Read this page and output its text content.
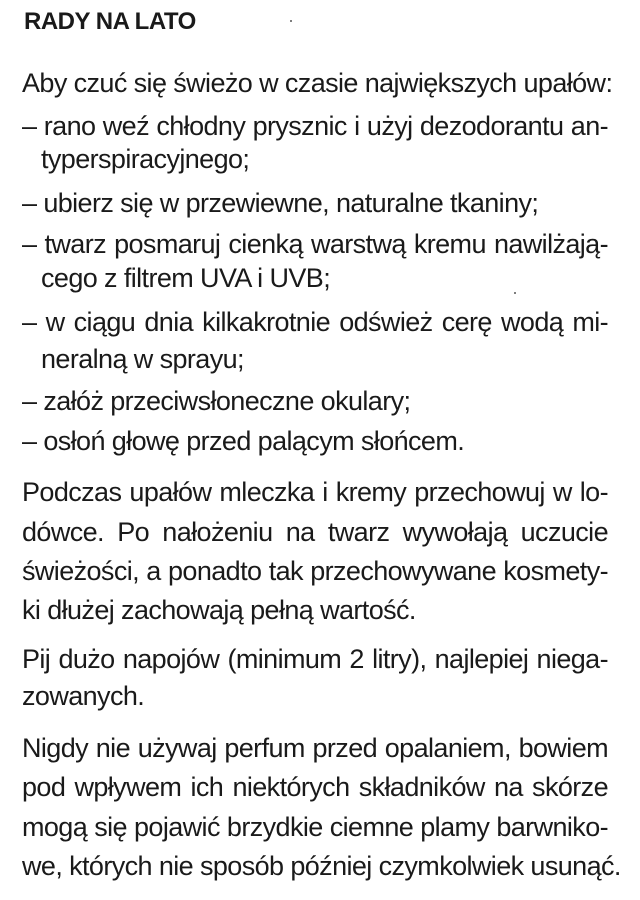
RADY NA LATO
Aby czuć się świeżo w czasie największych upałów:
– rano weź chłodny prysznic i użyj dezodorantu an-
typerspiracyjnego;
– ubierz się w przewiewne, naturalne tkaniny;
– twarz posmaruj cienką warstwą kremu nawilżają-
cego z filtrem UVA i UVB;
– w ciągu dnia kilkakrotnie odśwież cerę wodą mi-
neralną w sprayu;
– załóż przeciwsłoneczne okulary;
– osłoń głowę przed palącym słońcem.
Podczas upałów mleczka i kremy przechowuj w lo-
dówce. Po nałożeniu na twarz wywołają uczucie
świeżości, a ponadto tak przechowywane kosmety-
ki dłużej zachowają pełną wartość.
Pij dużo napojów (minimum 2 litry), najlepiej niega-
zowanych.
Nigdy nie używaj perfum przed opalaniem, bowiem
pod wpływem ich niektórych składników na skórze
mogą się pojawić brzydkie ciemne plamy barwniko-
we, których nie sposób później czymkolwiek usunąć.
